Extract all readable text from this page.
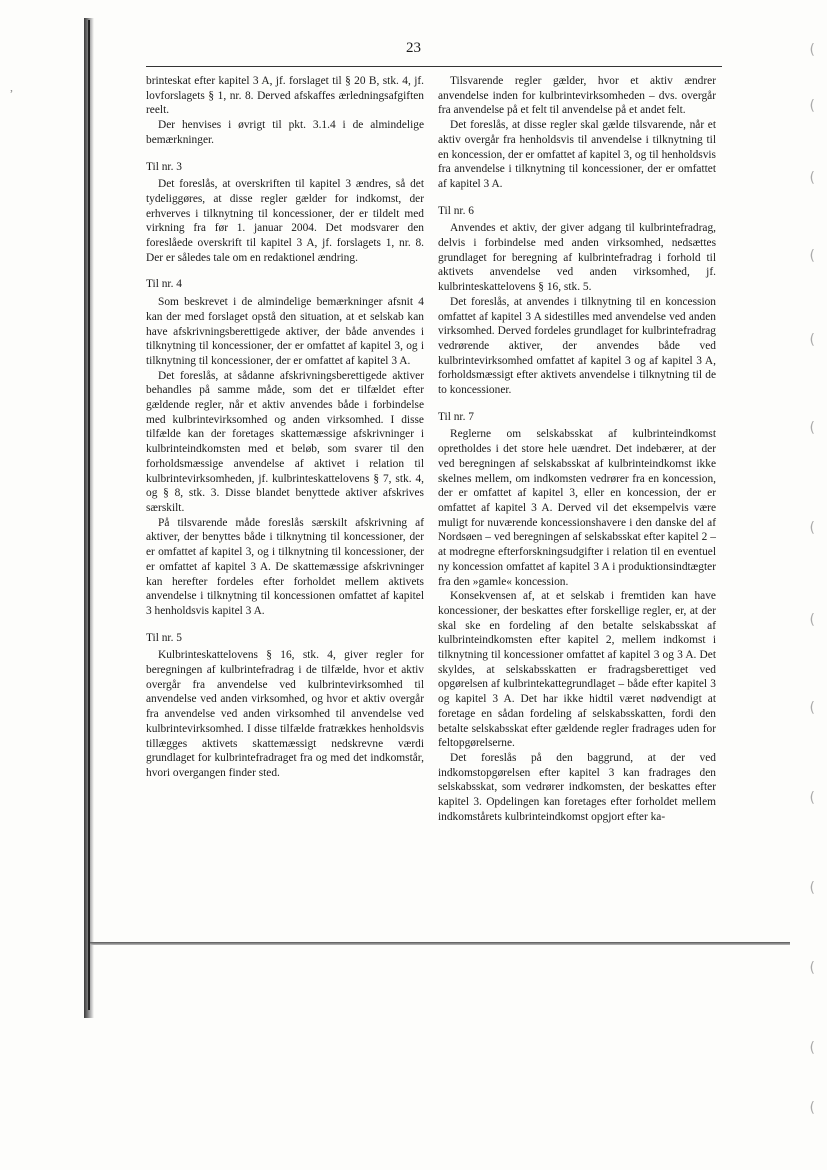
,
(
(
(
(
(
(
(
(
(
(
(
(
(
(
23

brinteskat efter kapitel 3 A, jf. forslaget til § 20 B, stk. 4, jf. lovforslagets § 1, nr. 8. Derved afskaffes ærledningsafgiften reelt.

Der henvises i øvrigt til pkt. 3.1.4 i de almindelige bemærkninger.

Til nr. 3

Det foreslås, at overskriften til kapitel 3 ændres, så det tydeliggøres, at disse regler gælder for indkomst, der erhverves i tilknytning til koncessioner, der er tildelt med virkning fra før 1. januar 2004. Det modsvarer den foreslåede overskrift til kapitel 3 A, jf. forslagets 1, nr. 8. Der er således tale om en redaktionel ændring.

Til nr. 4

Som beskrevet i de almindelige bemærkninger afsnit 4 kan der med forslaget opstå den situation, at et selskab kan have afskrivningsberettigede aktiver, der både anvendes i tilknytning til koncessioner, der er omfattet af kapitel 3, og i tilknytning til koncessioner, der er omfattet af kapitel 3 A.

Det foreslås, at sådanne afskrivningsberettigede aktiver behandles på samme måde, som det er tilfældet efter gældende regler, når et aktiv anvendes både i forbindelse med kulbrintevirksomhed og anden virksomhed. I disse tilfælde kan der foretages skattemæssige afskrivninger i kulbrinteindkomsten med et beløb, som svarer til den forholdsmæssige anvendelse af aktivet i relation til kulbrintevirksomheden, jf. kulbrinteskattelovens § 7, stk. 4, og § 8, stk. 3. Disse blandet benyttede aktiver afskrives særskilt.

På tilsvarende måde foreslås særskilt afskrivning af aktiver, der benyttes både i tilknytning til koncessioner, der er omfattet af kapitel 3, og i tilknytning til koncessioner, der er omfattet af kapitel 3 A. De skattemæssige afskrivninger kan herefter fordeles efter forholdet mellem aktivets anvendelse i tilknytning til koncessionen omfattet af kapitel 3 henholdsvis kapitel 3 A.

Til nr. 5

Kulbrinteskattelovens § 16, stk. 4, giver regler for beregningen af kulbrintefradrag i de tilfælde, hvor et aktiv overgår fra anvendelse ved kulbrintevirksomhed til anvendelse ved anden virksomhed, og hvor et aktiv overgår fra anvendelse ved anden virksomhed til anvendelse ved kulbrintevirksomhed. I disse tilfælde fratrækkes henholdsvis tillægges aktivets skattemæssigt nedskrevne værdi grundlaget for kulbrintefradraget fra og med det indkomstår, hvori overgangen finder sted.

Tilsvarende regler gælder, hvor et aktiv ændrer anvendelse inden for kulbrintevirksomheden – dvs. overgår fra anvendelse på et felt til anvendelse på et andet felt.

Det foreslås, at disse regler skal gælde tilsvarende, når et aktiv overgår fra henholdsvis til anvendelse i tilknytning til en koncession, der er omfattet af kapitel 3, og til henholdsvis fra anvendelse i tilknytning til koncessioner, der er omfattet af kapitel 3 A.

Til nr. 6

Anvendes et aktiv, der giver adgang til kulbrintefradrag, delvis i forbindelse med anden virksomhed, nedsættes grundlaget for beregning af kulbrintefradrag i forhold til aktivets anvendelse ved anden virksomhed, jf. kulbrinteskattelovens § 16, stk. 5.

Det foreslås, at anvendes i tilknytning til en koncession omfattet af kapitel 3 A sidestilles med anvendelse ved anden virksomhed. Derved fordeles grundlaget for kulbrintefradrag vedrørende aktiver, der anvendes både ved kulbrintevirksomhed omfattet af kapitel 3 og af kapitel 3 A, forholdsmæssigt efter aktivets anvendelse i tilknytning til de to koncessioner.

Til nr. 7

Reglerne om selskabsskat af kulbrinteindkomst opretholdes i det store hele uændret. Det indebærer, at der ved beregningen af selskabsskat af kulbrinteindkomst ikke skelnes mellem, om indkomsten vedrører fra en koncession, der er omfattet af kapitel 3, eller en koncession, der er omfattet af kapitel 3 A. Derved vil det eksempelvis være muligt for nuværende koncessionshavere i den danske del af Nordsøen – ved beregningen af selskabsskat efter kapitel 2 – at modregne efterforskningsudgifter i relation til en eventuel ny koncession omfattet af kapitel 3 A i produktionsindtægter fra den »gamle« koncession.

Konsekvensen af, at et selskab i fremtiden kan have koncessioner, der beskattes efter forskellige regler, er, at der skal ske en fordeling af den betalte selskabsskat af kulbrinteindkomsten efter kapitel 2, mellem indkomst i tilknytning til koncessioner omfattet af kapitel 3 og 3 A. Det skyldes, at selskabsskatten er fradragsberettiget ved opgørelsen af kulbrintekattegrundlaget – både efter kapitel 3 og kapitel 3 A. Det har ikke hidtil været nødvendigt at foretage en sådan fordeling af selskabsskatten, fordi den betalte selskabsskat efter gældende regler fradrages uden for feltopgørelserne.

Det foreslås på den baggrund, at der ved indkomstopgørelsen efter kapitel 3 kan fradrages den selskabsskat, som vedrører indkomsten, der beskattes efter kapitel 3. Opdelingen kan foretages efter forholdet mellem indkomstårets kulbrinteindkomst opgjort efter ka-
